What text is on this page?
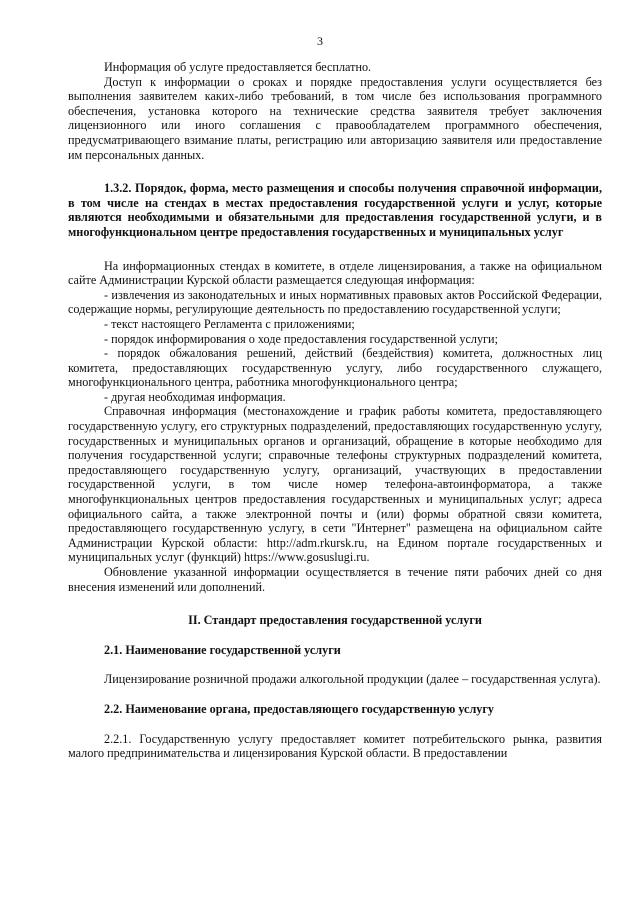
3

Информация об услуге предоставляется бесплатно.

Доступ к информации о сроках и порядке предоставления услуги осуществляется без выполнения заявителем каких-либо требований, в том числе без использования программного обеспечения, установка которого на технические средства заявителя требует заключения лицензионного или иного соглашения с правообладателем программного обеспечения, предусматривающего взимание платы, регистрацию или авторизацию заявителя или предоставление им персональных данных.

1.3.2. Порядок, форма, место размещения и способы получения справочной информации, в том числе на стендах в местах предоставления государственной услуги и услуг, которые являются необходимыми и обязательными для предоставления государственной услуги, и в многофункциональном центре предоставления государственных и муниципальных услуг

На информационных стендах в комитете, в отделе лицензирования, а также на официальном сайте Администрации Курской области размещается следующая информация:

- извлечения из законодательных и иных нормативных правовых актов Российской Федерации, содержащие нормы, регулирующие деятельность по предоставлению государственной услуги;
- текст настоящего Регламента с приложениями;
- порядок информирования о ходе предоставления государственной услуги;
- порядок обжалования решений, действий (бездействия) комитета, должностных лиц комитета, предоставляющих государственную услугу, либо государственного служащего, многофункционального центра, работника многофункционального центра;
- другая необходимая информация.

Справочная информация (местонахождение и график работы комитета, предоставляющего государственную услугу, его структурных подразделений, предоставляющих государственную услугу, государственных и муниципальных органов и организаций, обращение в которые необходимо для получения государственной услуги; справочные телефоны структурных подразделений комитета, предоставляющего государственную услугу, организаций, участвующих в предоставлении государственной услуги, в том числе номер телефона-автоинформатора, а также многофункциональных центров предоставления государственных и муниципальных услуг; адреса официального сайта, а также электронной почты и (или) формы обратной связи комитета, предоставляющего государственную услугу, в сети "Интернет" размещена на официальном сайте Администрации Курской области: http://adm.rkursk.ru, на Едином портале государственных и муниципальных услуг (функций) https://www.gosuslugi.ru.

Обновление указанной информации осуществляется в течение пяти рабочих дней со дня внесения изменений или дополнений.

II. Стандарт предоставления государственной услуги

2.1. Наименование государственной услуги

Лицензирование розничной продажи алкогольной продукции (далее – государственная услуга).

2.2. Наименование органа, предоставляющего государственную услугу

2.2.1. Государственную услугу предоставляет комитет потребительского рынка, развития малого предпринимательства и лицензирования Курской области. В предоставлении
